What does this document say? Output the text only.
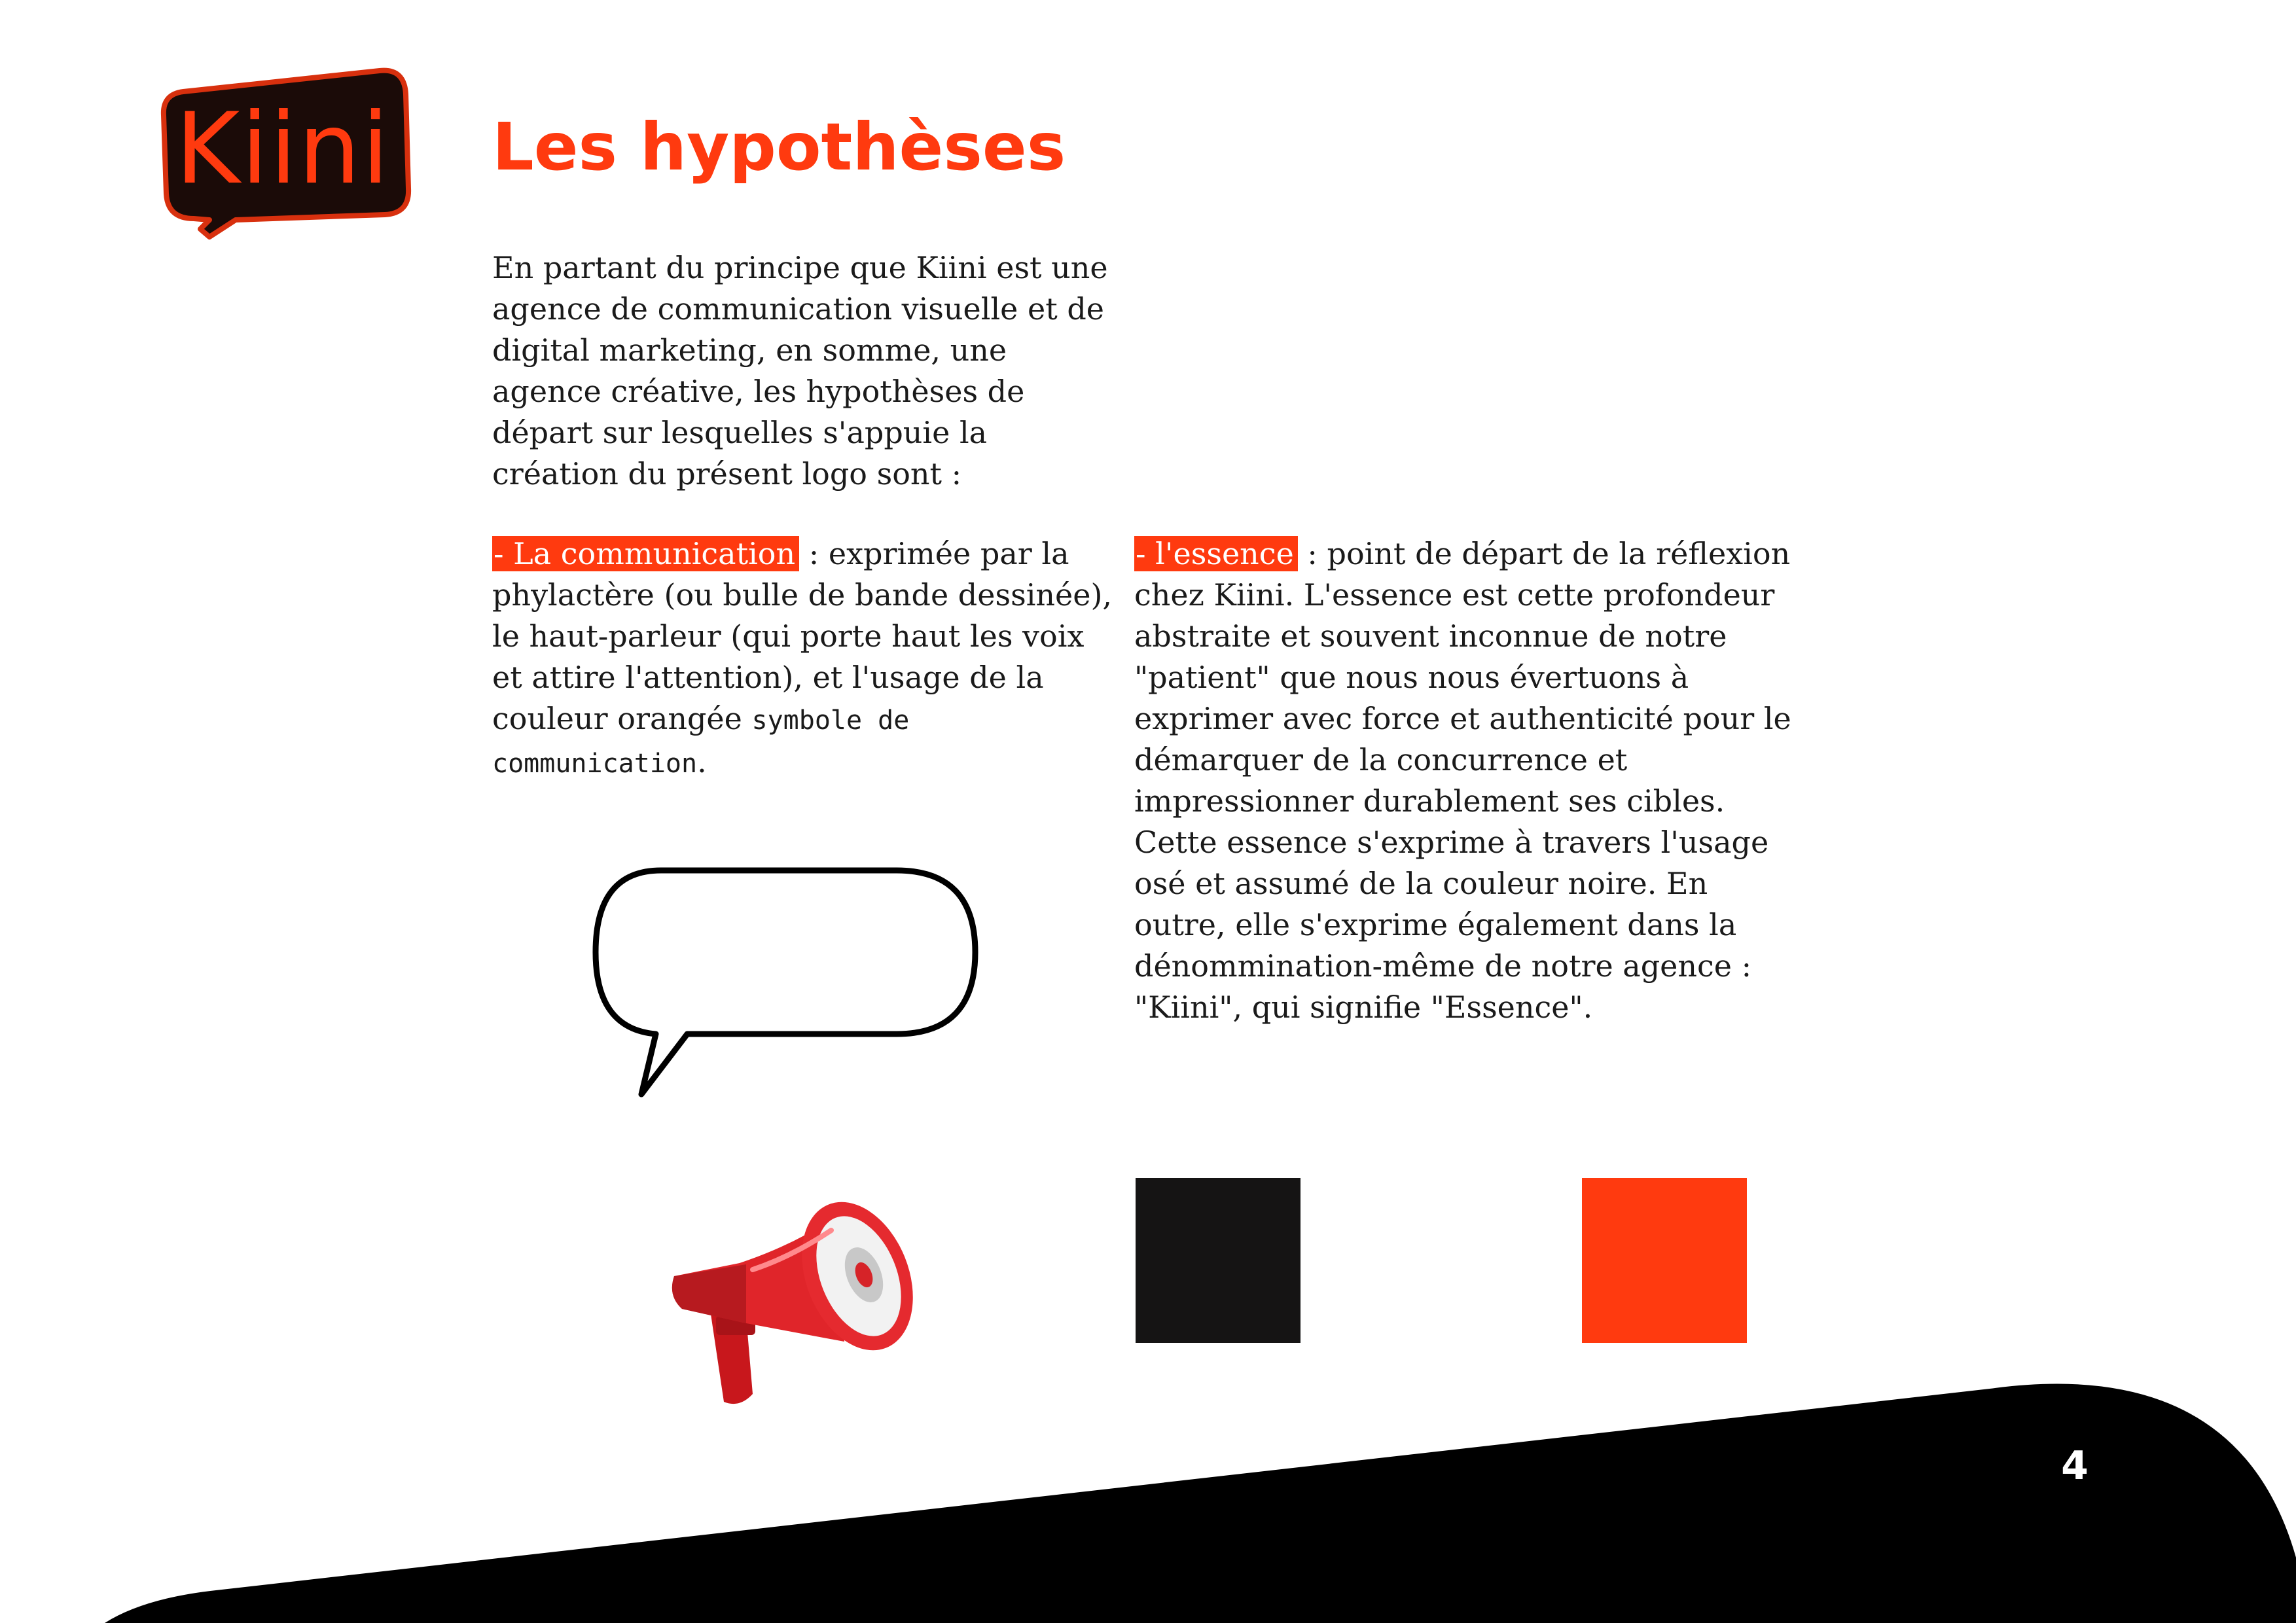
Kiini Les hypothèses

En partant du principe que Kiini est une agence de communication visuelle et de digital marketing, en somme, une agence créative, les hypothèses de départ sur lesquelles s'appuie la création du présent logo sont :

- La communication : exprimée par la phylactère (ou bulle de bande dessinée), le haut-parleur (qui porte haut les voix et attire l'attention), et l'usage de la couleur orangée symbole de communication.

- l'essence : point de départ de la réflexion chez Kiini. L'essence est cette profondeur abstraite et souvent inconnue de notre "patient" que nous nous évertuons à exprimer avec force et authenticité pour le démarquer de la concurrence et impressionner durablement ses cibles. Cette essence s'exprime à travers l'usage osé et assumé de la couleur noire. En outre, elle s'exprime également dans la dénommination-même de notre agence : "Kiini", qui signifie "Essence".

4
